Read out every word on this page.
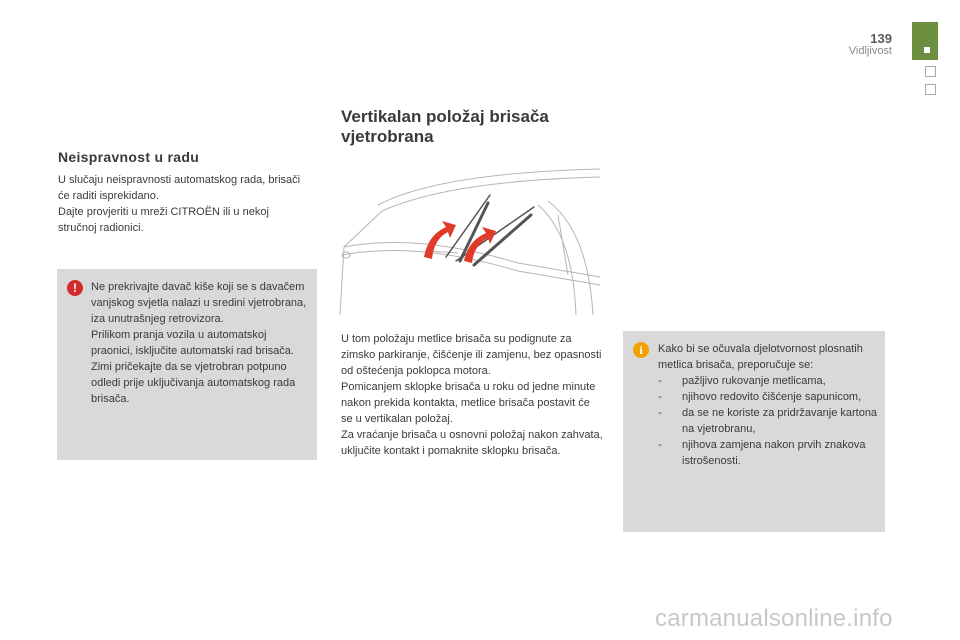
139
Vidljivost
Neispravnost u radu

U slučaju neispravnosti automatskog rada, brisači će raditi isprekidano.

Dajte provjeriti u mreži CITROËN ili u nekoj stručnoj radionici.

!	Ne prekrivajte davač kiše koji se s davačem vanjskog svjetla nalazi u sredini vjetrobrana, iza unutrašnjeg retrovizora.

Prilikom pranja vozila u automatskoj praonici, isključite automatski rad brisača.

Zimi pričekajte da se vjetrobran potpuno odledi prije uključivanja automatskog rada brisača.

Vertikalan položaj brisača vjetrobrana

U tom položaju metlice brisača su podignute za zimsko parkiranje, čišćenje ili zamjenu, bez opasnosti od oštećenja poklopca motora.

Pomicanjem sklopke brisača u roku od jedne minute nakon prekida kontakta, metlice brisača postavit će se u vertikalan položaj.

Za vraćanje brisača u osnovni položaj nakon zahvata, uključite kontakt i pomaknite sklopku brisača.

i	Kako bi se očuvala djelotvornost plosnatih metlica brisača, preporučuje se:

- pažljivo rukovanje metlicama,
- njihovo redovito čišćenje sapunicom,
- da se ne koriste za pridržavanje kartona na vjetrobranu,
- njihova zamjena nakon prvih znakova istrošenosti.
carmanualsonline.info
